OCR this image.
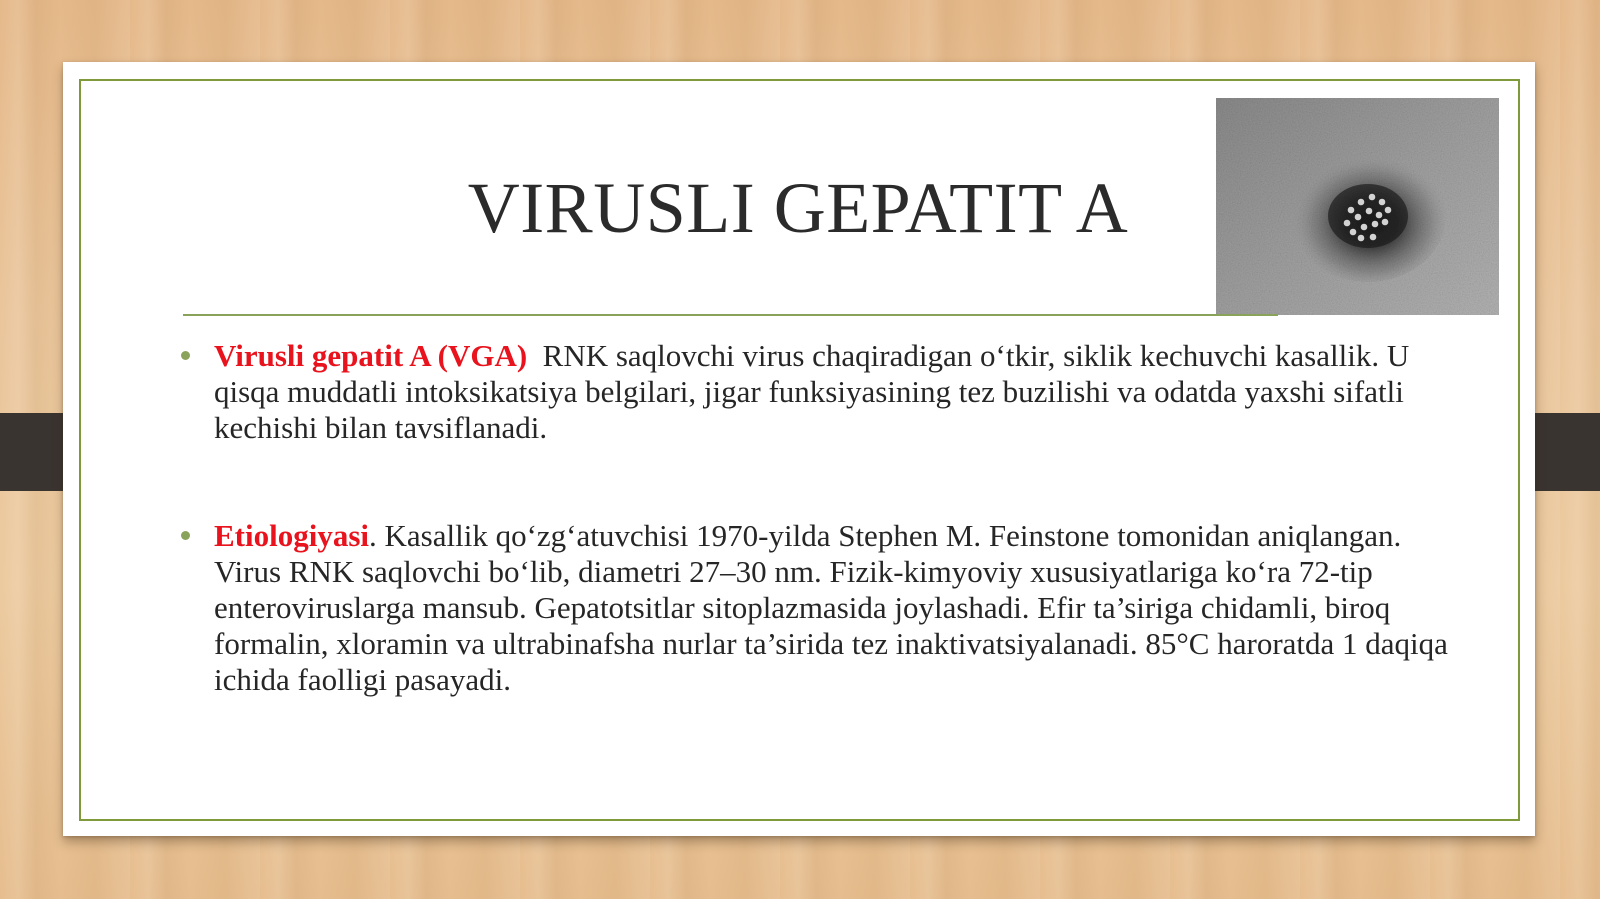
VIRUSLI GEPATIT A
Virusli gepatit A (VGA)  RNK saqlovchi virus chaqiradigan o‘tkir, siklik kechuvchi kasallik. U qisqa muddatli intoksikatsiya belgilari, jigar funksiyasining tez buzilishi va odatda yaxshi sifatli kechishi bilan tavsiflanadi.
Etiologiyasi. Kasallik qo‘zg‘atuvchisi 1970-yilda Stephen M. Feinstone tomonidan aniqlangan. Virus RNK saqlovchi bo‘lib, diametri 27–30 nm. Fizik-kimyoviy xususiyatlariga ko‘ra 72-tip enteroviruslarga mansub. Gepatotsitlar sitoplazmasida joylashadi. Efir ta’siriga chidamli, biroq formalin, xloramin va ultrabinafsha nurlar ta’sirida tez inaktivatsiyalanadi. 85°C haroratda 1 daqiqa ichida faolligi pasayadi.
